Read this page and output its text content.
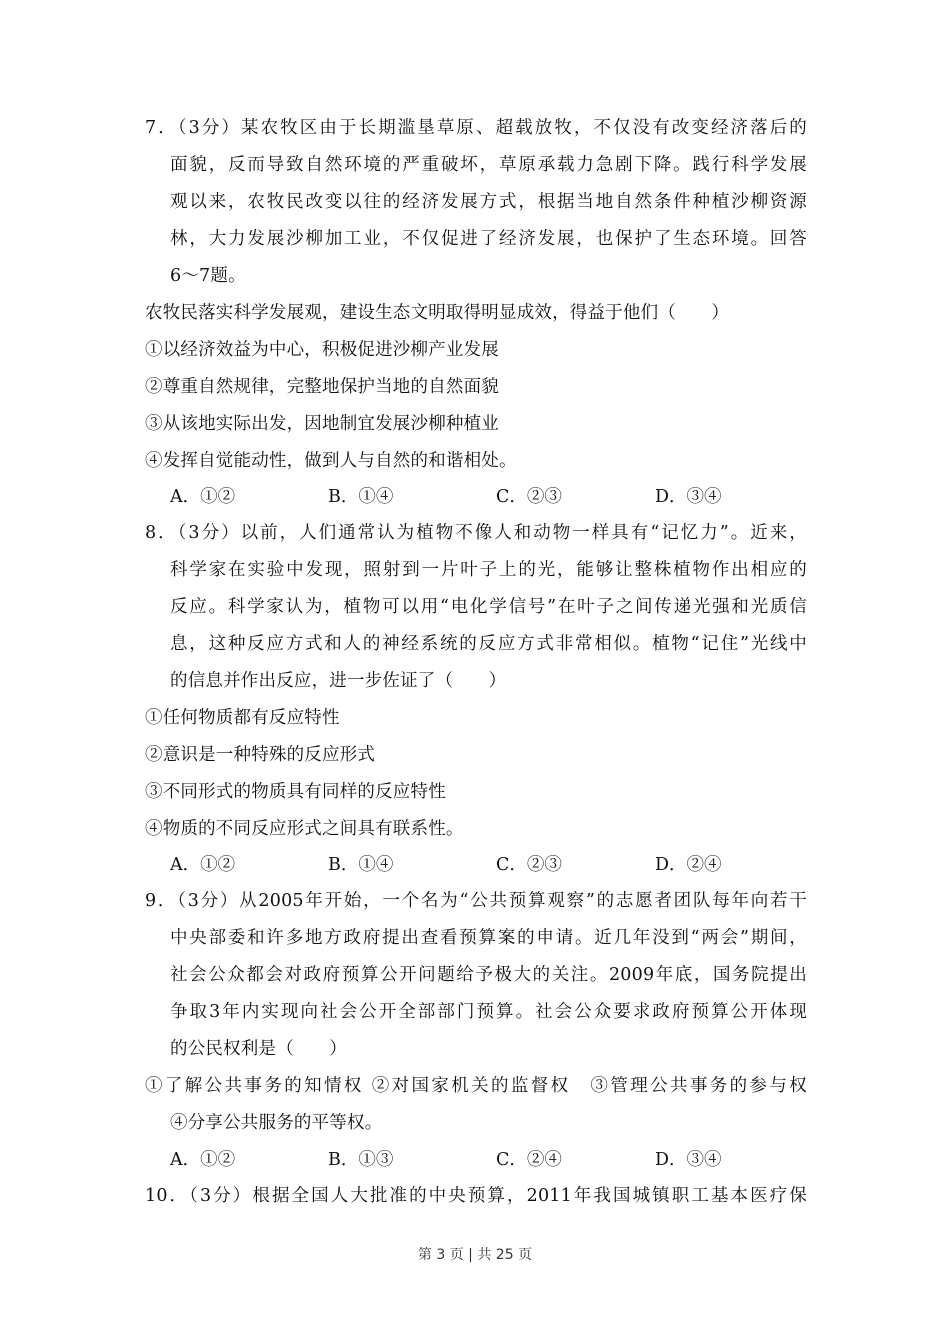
7．（3分）某农牧区由于长期滥垦草原、超载放牧，不仅没有改变经济落后的
面貌，反而导致自然环境的严重破坏，草原承载力急剧下降。践行科学发展
观以来，农牧民改变以往的经济发展方式，根据当地自然条件种植沙柳资源
林，大力发展沙柳加工业，不仅促进了经济发展，也保护了生态环境。回答
6～7题。
农牧民落实科学发展观，建设生态文明取得明显成效，得益于他们（　　）
①以经济效益为中心，积极促进沙柳产业发展
②尊重自然规律，完整地保护当地的自然面貌
③从该地实际出发，因地制宜发展沙柳种植业
④发挥自觉能动性，做到人与自然的和谐相处。
A．①②	B．①④	C．②③	D．③④
8．（3分）以前，人们通常认为植物不像人和动物一样具有“记忆力”。近来，
科学家在实验中发现，照射到一片叶子上的光，能够让整株植物作出相应的
反应。科学家认为，植物可以用“电化学信号”在叶子之间传递光强和光质信
息，这种反应方式和人的神经系统的反应方式非常相似。植物“记住”光线中
的信息并作出反应，进一步佐证了（　　）
①任何物质都有反应特性
②意识是一种特殊的反应形式
③不同形式的物质具有同样的反应特性
④物质的不同反应形式之间具有联系性。
A．①②	B．①④	C．②③	D．②④
9．（3分）从2005年开始，一个名为“公共预算观察”的志愿者团队每年向若干
中央部委和许多地方政府提出查看预算案的申请。近几年没到“两会”期间，
社会公众都会对政府预算公开问题给予极大的关注。2009年底，国务院提出
争取3年内实现向社会公开全部部门预算。社会公众要求政府预算公开体现
的公民权利是（　　）
①了解公共事务的知情权 ②对国家机关的监督权　③管理公共事务的参与权
④分享公共服务的平等权。
A．①②	B．①③	C．②④	D．③④
10．（3分）根据全国人大批准的中央预算，2011年我国城镇职工基本医疗保
第 3 页 | 共 25 页
